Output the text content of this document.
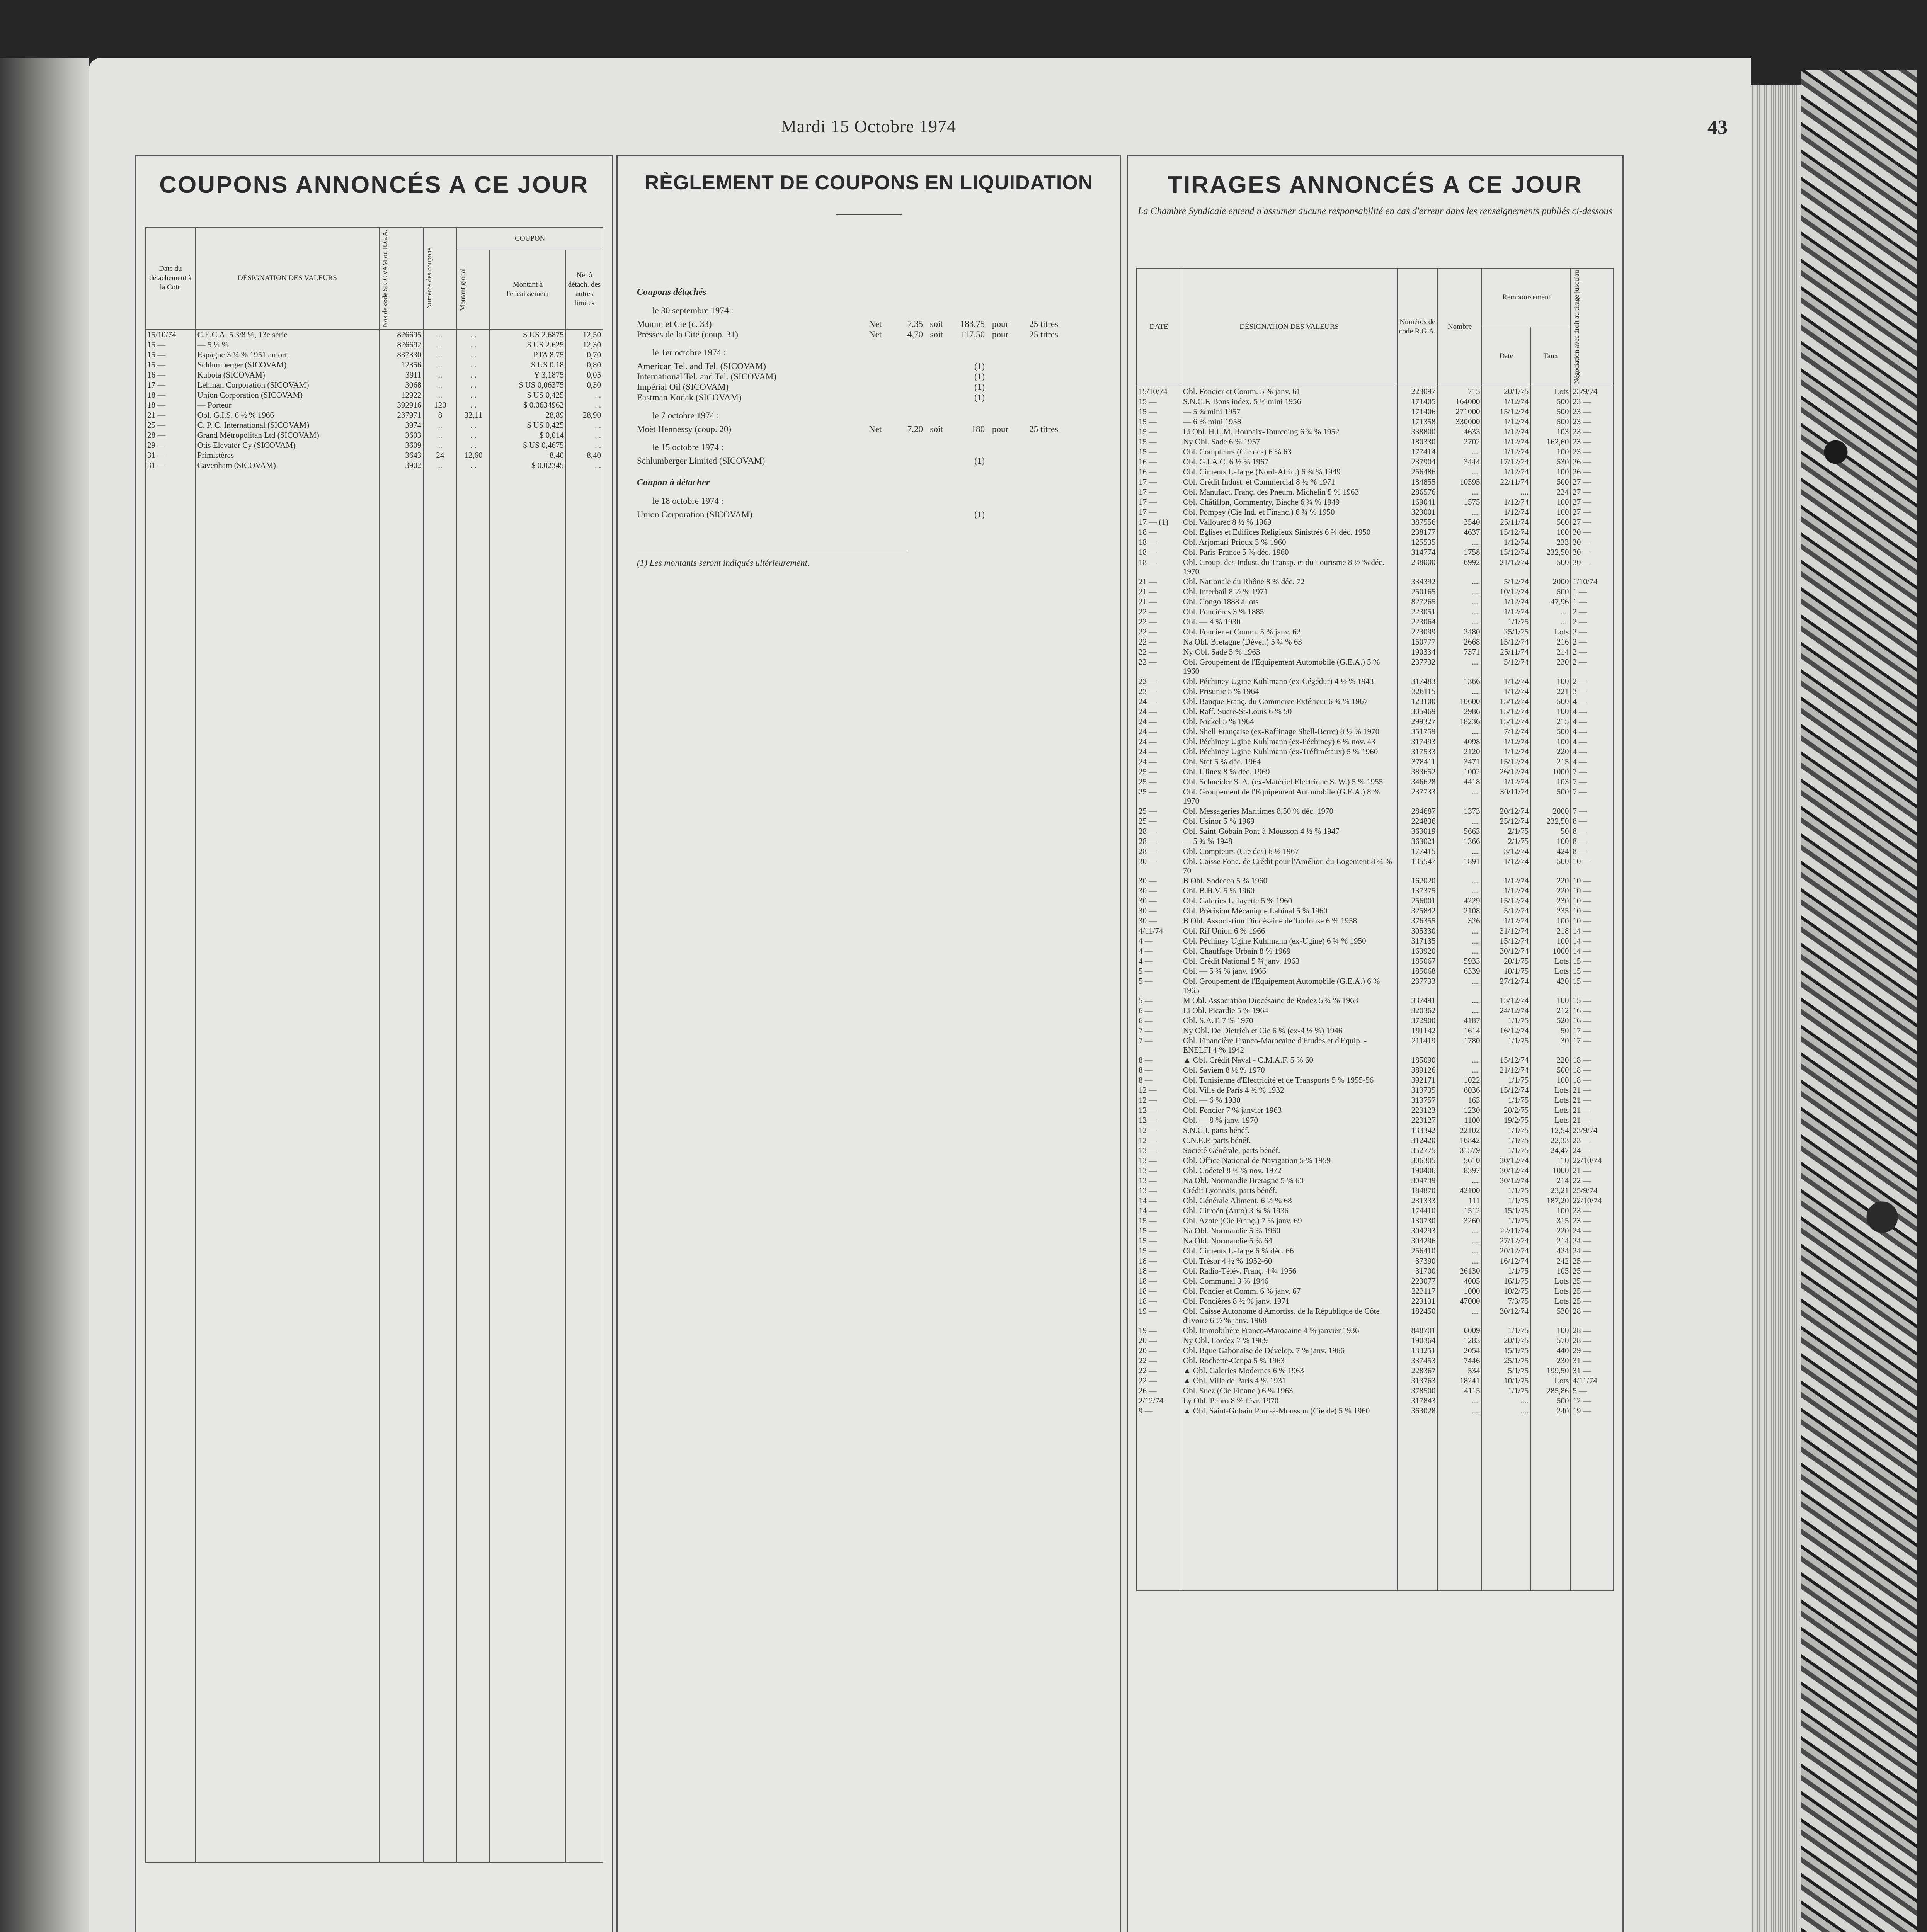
Mardi 15 Octobre 1974	43
COUPONS ANNONCÉS A CE JOUR
Date du détachement à la Cote	DÉSIGNATION DES VALEURS	Nos de code SICOVAM ou R.G.A.	Numéros des coupons	COUPON		

				Montant global	Montant à l'encaissement	Net à détach. des autres limites
15/10/74	C.E.C.A. 5 3/8 %, 13e série	826695	..	. .	$ US 2.6875	12,50
15 —	— 5 ½ %	826692	..	. .	$ US 2.625	12,30
15 —	Espagne 3 ¼ % 1951 amort.	837330	..	. .	PTA 8.75	0,70
15 —	Schlumberger (SICOVAM)	12356	..	. .	$ US 0.18	0,80
16 —	Kubota (SICOVAM)	3911	..	. .	Y 3,1875	0,05
17 —	Lehman Corporation (SICOVAM)	3068	..	. .	$ US 0,06375	0,30
18 —	Union Corporation (SICOVAM)	12922	..	. .	$ US 0,425	. .
18 —	— Porteur	392916	120	. .	$ 0.0634962	. .
21 —	Obl. G.I.S. 6 ½ % 1966	237971	8	32,11	28,89	28,90
25 —	C. P. C. International (SICOVAM)	3974	..	. .	$ US 0,425	. .
28 —	Grand Métropolitan Ltd (SICOVAM)	3603	..	. .	$ 0,014	. .
29 —	Otis Elevator Cy (SICOVAM)	3609	..	. .	$ US 0,4675	. .
31 —	Primistères	3643	24	12,60	8,40	8,40
31 —	Cavenham (SICOVAM)	3902	..	. .	$ 0.02345	. .

RÈGLEMENT DE COUPONS EN LIQUIDATION
Coupons détachés
le 30 septembre 1974 :
Mumm et Cie (c. 33)	Net	7,35 soit	183,75 pour	25 titres
Presses de la Cité (coup. 31)	Net	4,70 soit	117,50 pour	25 titres
le 1er octobre 1974 :
American Tel. and Tel. (SICOVAM)	(1)
International Tel. and Tel. (SICOVAM)	(1)
Impérial Oil (SICOVAM)	(1)
Eastman Kodak (SICOVAM)	(1)
le 7 octobre 1974 :
Moët Hennessy (coup. 20)	Net	7,20 soit	180 pour	25 titres
le 15 octobre 1974 :
Schlumberger Limited (SICOVAM)	(1)
Coupon à détacher
le 18 octobre 1974 :
Union Corporation (SICOVAM)	(1)
(1) Les montants seront indiqués ultérieurement.
TIRAGES ANNONCÉS A CE JOUR
La Chambre Syndicale entend n'assumer aucune responsabilité en cas d'erreur dans les renseignements publiés ci-dessous
DATE	DÉSIGNATION DES VALEURS	Numéros de code R.G.A.	Nombre	Remboursement		Négociation avec droit au tirage jusqu'au

				Date	Taux	
15/10/74	Obl. Foncier et Comm. 5 % janv. 61	223097	715	20/1/75	Lots	23/9/74
15 —	S.N.C.F. Bons index. 5 ½ mini 1956	171405	164000	1/12/74	500	23 —
15 —	— 5 ¾ mini 1957	171406	271000	15/12/74	500	23 —
15 —	— 6 % mini 1958	171358	330000	1/12/74	500	23 —
15 —	Li Obl. H.L.M. Roubaix-Tourcoing 6 ¾ % 1952	338800	4633	1/12/74	103	23 —
15 —	Ny Obl. Sade 6 % 1957	180330	2702	1/12/74	162,60	23 —
15 —	Obl. Compteurs (Cie des) 6 % 63	177414	....	1/12/74	100	23 —
16 —	Obl. G.I.A.C. 6 ½ % 1967	237904	3444	17/12/74	530	26 —
16 —	Obl. Ciments Lafarge (Nord-Afric.) 6 ¾ % 1949	256486	....	1/12/74	100	26 —
17 —	Obl. Crédit Indust. et Commercial 8 ½ % 1971	184855	10595	22/11/74	500	27 —
17 —	Obl. Manufact. Franç. des Pneum. Michelin 5 % 1963	286576	....	....	224	27 —
17 —	Obl. Châtillon, Commentry, Biache 6 ¾ % 1949	169041	1575	1/12/74	100	27 —
17 —	Obl. Pompey (Cie Ind. et Financ.) 6 ¾ % 1950	323001	....	1/12/74	100	27 —
17 — (1)	Obl. Vallourec 8 ½ % 1969	387556	3540	25/11/74	500	27 —
18 —	Obl. Eglises et Edifices Religieux Sinistrés 6 ¾ déc. 1950	238177	4637	15/12/74	100	30 —
18 —	Obl. Arjomari-Prioux 5 % 1960	125535	....	1/12/74	233	30 —
18 —	Obl. Paris-France 5 % déc. 1960	314774	1758	15/12/74	232,50	30 —
18 —	Obl. Group. des Indust. du Transp. et du Tourisme 8 ½ % déc. 1970	238000	6992	21/12/74	500	30 —
21 —	Obl. Nationale du Rhône 8 % déc. 72	334392	....	5/12/74	2000	1/10/74
21 —	Obl. Interbail 8 ½ % 1971	250165	....	10/12/74	500	1 —
21 —	Obl. Congo 1888 à lots	827265	....	1/12/74	47,96	1 —
22 —	Obl. Foncières 3 % 1885	223051	....	1/12/74	....	2 —
22 —	Obl. — 4 % 1930	223064	....	1/1/75	....	2 —
22 —	Obl. Foncier et Comm. 5 % janv. 62	223099	2480	25/1/75	Lots	2 —
22 —	Na Obl. Bretagne (Dével.) 5 ¾ % 63	150777	2668	15/12/74	216	2 —
22 —	Ny Obl. Sade 5 % 1963	190334	7371	25/11/74	214	2 —
22 —	Obl. Groupement de l'Equipement Automobile (G.E.A.) 5 % 1960	237732	....	5/12/74	230	2 —
22 —	Obl. Péchiney Ugine Kuhlmann (ex-Cégédur) 4 ½ % 1943	317483	1366	1/12/74	100	2 —
23 —	Obl. Prisunic 5 % 1964	326115	....	1/12/74	221	3 —
24 —	Obl. Banque Franç. du Commerce Extérieur 6 ¾ % 1967	123100	10600	15/12/74	500	4 —
24 —	Obl. Raff. Sucre-St-Louis 6 % 50	305469	2986	15/12/74	100	4 —
24 —	Obl. Nickel 5 % 1964	299327	18236	15/12/74	215	4 —
24 —	Obl. Shell Française (ex-Raffinage Shell-Berre) 8 ½ % 1970	351759	....	7/12/74	500	4 —
24 —	Obl. Péchiney Ugine Kuhlmann (ex-Péchiney) 6 % nov. 43	317493	4098	1/12/74	100	4 —
24 —	Obl. Péchiney Ugine Kuhlmann (ex-Tréfimétaux) 5 % 1960	317533	2120	1/12/74	220	4 —
24 —	Obl. Stef 5 % déc. 1964	378411	3471	15/12/74	215	4 —
25 —	Obl. Ulinex 8 % déc. 1969	383652	1002	26/12/74	1000	7 —
25 —	Obl. Schneider S. A. (ex-Matériel Electrique S. W.) 5 % 1955	346628	4418	1/12/74	103	7 —
25 —	Obl. Groupement de l'Equipement Automobile (G.E.A.) 8 % 1970	237733	....	30/11/74	500	7 —
25 —	Obl. Messageries Maritimes 8,50 % déc. 1970	284687	1373	20/12/74	2000	7 —
25 —	Obl. Usinor 5 % 1969	224836	....	25/12/74	232,50	8 —
28 —	Obl. Saint-Gobain Pont-à-Mousson 4 ½ % 1947	363019	5663	2/1/75	50	8 —
28 —	— 5 ¾ % 1948	363021	1366	2/1/75	100	8 —
28 —	Obl. Compteurs (Cie des) 6 ½ 1967	177415	....	3/12/74	424	8 —
30 —	Obl. Caisse Fonc. de Crédit pour l'Amélior. du Logement 8 ¾ % 70	135547	1891	1/12/74	500	10 —
30 —	B Obl. Sodecco 5 % 1960	162020	....	1/12/74	220	10 —
30 —	Obl. B.H.V. 5 % 1960	137375	....	1/12/74	220	10 —
30 —	Obl. Galeries Lafayette 5 % 1960	256001	4229	15/12/74	230	10 —
30 —	Obl. Précision Mécanique Labinal 5 % 1960	325842	2108	5/12/74	235	10 —
30 —	B Obl. Association Diocésaine de Toulouse 6 % 1958	376355	326	1/12/74	100	10 —
4/11/74	Obl. Rif Union 6 % 1966	305330	....	31/12/74	218	14 —
4 —	Obl. Péchiney Ugine Kuhlmann (ex-Ugine) 6 ¾ % 1950	317135	....	15/12/74	100	14 —
4 —	Obl. Chauffage Urbain 8 % 1969	163920	....	30/12/74	1000	14 —
4 —	Obl. Crédit National 5 ¾ janv. 1963	185067	5933	20/1/75	Lots	15 —
5 —	Obl. — 5 ¾ % janv. 1966	185068	6339	10/1/75	Lots	15 —
5 —	Obl. Groupement de l'Equipement Automobile (G.E.A.) 6 % 1965	237733	....	27/12/74	430	15 —
5 —	M Obl. Association Diocésaine de Rodez 5 ¾ % 1963	337491	....	15/12/74	100	15 —
6 —	Li Obl. Picardie 5 % 1964	320362	....	24/12/74	212	16 —
6 —	Obl. S.A.T. 7 % 1970	372900	4187	1/1/75	520	16 —
7 —	Ny Obl. De Dietrich et Cie 6 % (ex-4 ½ %) 1946	191142	1614	16/12/74	50	17 —
7 —	Obl. Financière Franco-Marocaine d'Etudes et d'Equip. - ENELFI 4 % 1942	211419	1780	1/1/75	30	17 —
8 —	▲ Obl. Crédit Naval - C.M.A.F. 5 % 60	185090	....	15/12/74	220	18 —
8 —	Obl. Saviem 8 ½ % 1970	389126	....	21/12/74	500	18 —
8 —	Obl. Tunisienne d'Electricité et de Transports 5 % 1955-56	392171	1022	1/1/75	100	18 —
12 —	Obl. Ville de Paris 4 ½ % 1932	313735	6036	15/12/74	Lots	21 —
12 —	Obl. — 6 % 1930	313757	163	1/1/75	Lots	21 —
12 —	Obl. Foncier 7 % janvier 1963	223123	1230	20/2/75	Lots	21 —
12 —	Obl. — 8 % janv. 1970	223127	1100	19/2/75	Lots	21 —
12 —	S.N.C.I. parts bénéf.	133342	22102	1/1/75	12,54	23/9/74
12 —	C.N.E.P. parts bénéf.	312420	16842	1/1/75	22,33	23 —
13 —	Société Générale, parts bénéf.	352775	31579	1/1/75	24,47	24 —
13 —	Obl. Office National de Navigation 5 % 1959	306305	5610	30/12/74	110	22/10/74
13 —	Obl. Codetel 8 ½ % nov. 1972	190406	8397	30/12/74	1000	21 —
13 —	Na Obl. Normandie Bretagne 5 % 63	304739	....	30/12/74	214	22 —
13 —	Crédit Lyonnais, parts bénéf.	184870	42100	1/1/75	23,21	25/9/74
14 —	Obl. Générale Aliment. 6 ½ % 68	231333	111	1/1/75	187,20	22/10/74
14 —	Obl. Citroën (Auto) 3 ¾ % 1936	174410	1512	15/1/75	100	23 —
15 —	Obl. Azote (Cie Franç.) 7 % janv. 69	130730	3260	1/1/75	315	23 —
15 —	Na Obl. Normandie 5 % 1960	304293	....	22/11/74	220	24 —
15 —	Na Obl. Normandie 5 % 64	304296	....	27/12/74	214	24 —
15 —	Obl. Ciments Lafarge 6 % déc. 66	256410	....	20/12/74	424	24 —
18 —	Obl. Trésor 4 ½ % 1952-60	37390	....	16/12/74	242	25 —
18 —	Obl. Radio-Télév. Franç. 4 ¾ 1956	31700	26130	1/1/75	105	25 —
18 —	Obl. Communal 3 % 1946	223077	4005	16/1/75	Lots	25 —
18 —	Obl. Foncier et Comm. 6 % janv. 67	223117	1000	10/2/75	Lots	25 —
18 —	Obl. Foncières 8 ½ % janv. 1971	223131	47000	7/3/75	Lots	25 —
19 —	Obl. Caisse Autonome d'Amortiss. de la République de Côte d'Ivoire 6 ½ % janv. 1968	182450	....	30/12/74	530	28 —
19 —	Obl. Immobilière Franco-Marocaine 4 % janvier 1936	848701	6009	1/1/75	100	28 —
20 —	Ny Obl. Lordex 7 % 1969	190364	1283	20/1/75	570	28 —
20 —	Obl. Bque Gabonaise de Dévelop. 7 % janv. 1966	133251	2054	15/1/75	440	29 —
22 —	Obl. Rochette-Cenpa 5 % 1963	337453	7446	25/1/75	230	31 —
22 —	▲ Obl. Galeries Modernes 6 % 1963	228367	534	5/1/75	199,50	31 —
22 —	▲ Obl. Ville de Paris 4 % 1931	313763	18241	10/1/75	Lots	4/11/74
26 —	Obl. Suez (Cie Financ.) 6 % 1963	378500	4115	1/1/75	285,86	5 —
2/12/74	Ly Obl. Pepro 8 % févr. 1970	317843	....	....	500	12 —
9 —	▲ Obl. Saint-Gobain Pont-à-Mousson (Cie de) 5 % 1960	363028	....	....	240	19 —
